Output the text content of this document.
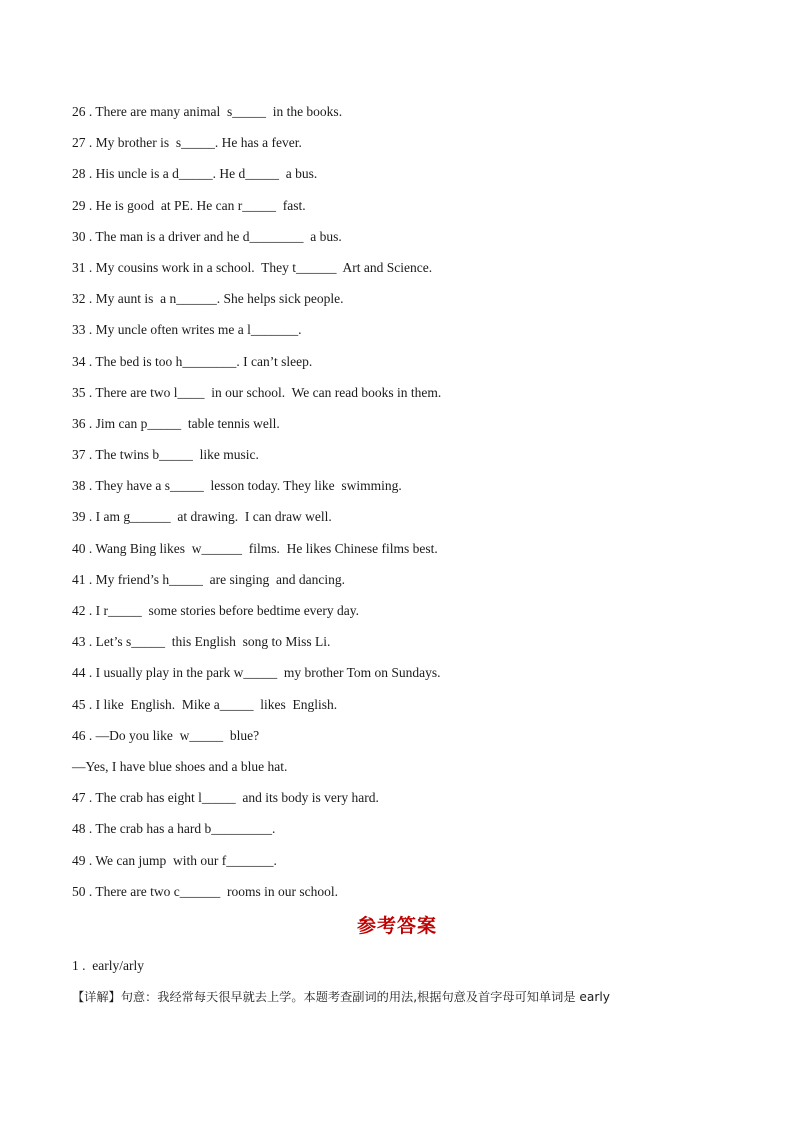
26 . There are many animal  s_____  in the books.
27 . My brother is  s_____. He has a fever.
28 . His uncle is a d_____. He d_____  a bus.
29 . He is good  at PE. He can r_____  fast.
30 . The man is a driver and he d________  a bus.
31 . My cousins work in a school.  They t______  Art and Science.
32 . My aunt is  a n______. She helps sick people.
33 . My uncle often writes me a l_______.
34 . The bed is too h________. I can’t sleep.
35 . There are two l____  in our school.  We can read books in them.
36 . Jim can p_____  table tennis well.
37 . The twins b_____  like music.
38 . They have a s_____  lesson today. They like  swimming.
39 . I am g______  at drawing.  I can draw well.
40 . Wang Bing likes  w______  films.  He likes Chinese films best.
41 . My friend’s h_____  are singing  and dancing.
42 . I r_____  some stories before bedtime every day.
43 . Let’s s_____  this English  song to Miss Li.
44 . I usually play in the park w_____  my brother Tom on Sundays.
45 . I like  English.  Mike a_____  likes  English.
46 . —Do you like  w_____  blue?
—Yes, I have blue shoes and a blue hat.
47 . The crab has eight l_____  and its body is very hard.
48 . The crab has a hard b_________.
49 . We can jump  with our f_______.
50 . There are two c______  rooms in our school.
参考答案
1 .  early/arly
【详解】句意：我经常每天很早就去上学。本题考查副词的用法,根据句意及首字母可知单词是 early
